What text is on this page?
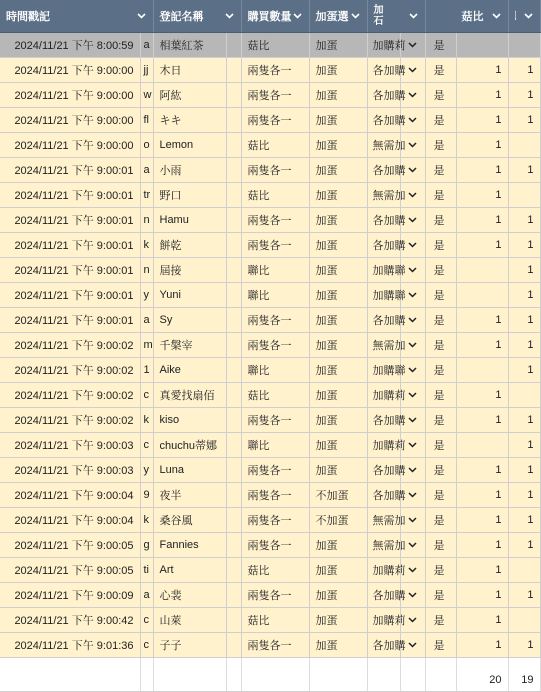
時間戳記		登記名稱		購買數量	加蛋選	加石		菇比

2024/11/21 下午 8:00:59	a	相葉紅茶		菇比	加蛋	加購莉		是		
2024/11/21 下午 9:00:00	jj	木日		兩隻各一	加蛋	各加購		是	1	1
2024/11/21 下午 9:00:00	w	阿紘		兩隻各一	加蛋	各加購		是	1	1
2024/11/21 下午 9:00:00	fl	キキ		兩隻各一	加蛋	各加購		是	1	1
2024/11/21 下午 9:00:00	o	Lemon		菇比	加蛋	無需加		是	1	
2024/11/21 下午 9:00:01	a	小雨		兩隻各一	加蛋	各加購		是	1	1
2024/11/21 下午 9:00:01	tr	野口		菇比	加蛋	無需加		是	1	
2024/11/21 下午 9:00:01	n	Hamu		兩隻各一	加蛋	各加購		是	1	1
2024/11/21 下午 9:00:01	k	餅乾		兩隻各一	加蛋	各加購		是	1	1
2024/11/21 下午 9:00:01	n	屆接		聯比	加蛋	加購聯		是		1
2024/11/21 下午 9:00:01	y	Yuni		聯比	加蛋	加購聯		是		1
2024/11/21 下午 9:00:01	a	Sy		兩隻各一	加蛋	各加購		是	1	1
2024/11/21 下午 9:00:02	m	千槃宰		兩隻各一	加蛋	無需加		是	1	1
2024/11/21 下午 9:00:02	1	Aike		聯比	加蛋	加購聯		是		1
2024/11/21 下午 9:00:02	c	真愛找扇佰		菇比	加蛋	加購莉		是	1	
2024/11/21 下午 9:00:02	k	kiso		兩隻各一	加蛋	各加購		是	1	1
2024/11/21 下午 9:00:03	c	chuchu蒂娜		聯比	加蛋	加購莉		是		1
2024/11/21 下午 9:00:03	y	Luna		兩隻各一	加蛋	各加購		是	1	1
2024/11/21 下午 9:00:04	9	夜半		兩隻各一	不加蛋	各加購		是	1	1
2024/11/21 下午 9:00:04	k	桑谷風		兩隻各一	不加蛋	無需加		是	1	1
2024/11/21 下午 9:00:05	g	Fannies		兩隻各一	加蛋	無需加		是	1	1
2024/11/21 下午 9:00:05	ti	Art		菇比	加蛋	加購莉		是	1	
2024/11/21 下午 9:00:09	a	心裴		兩隻各一	加蛋	各加購		是	1	1
2024/11/21 下午 9:00:42	c	山萊		菇比	加蛋	加購莉		是	1	
2024/11/21 下午 9:01:36	c	子子		兩隻各一	加蛋	各加購		是	1	1
									20	19
